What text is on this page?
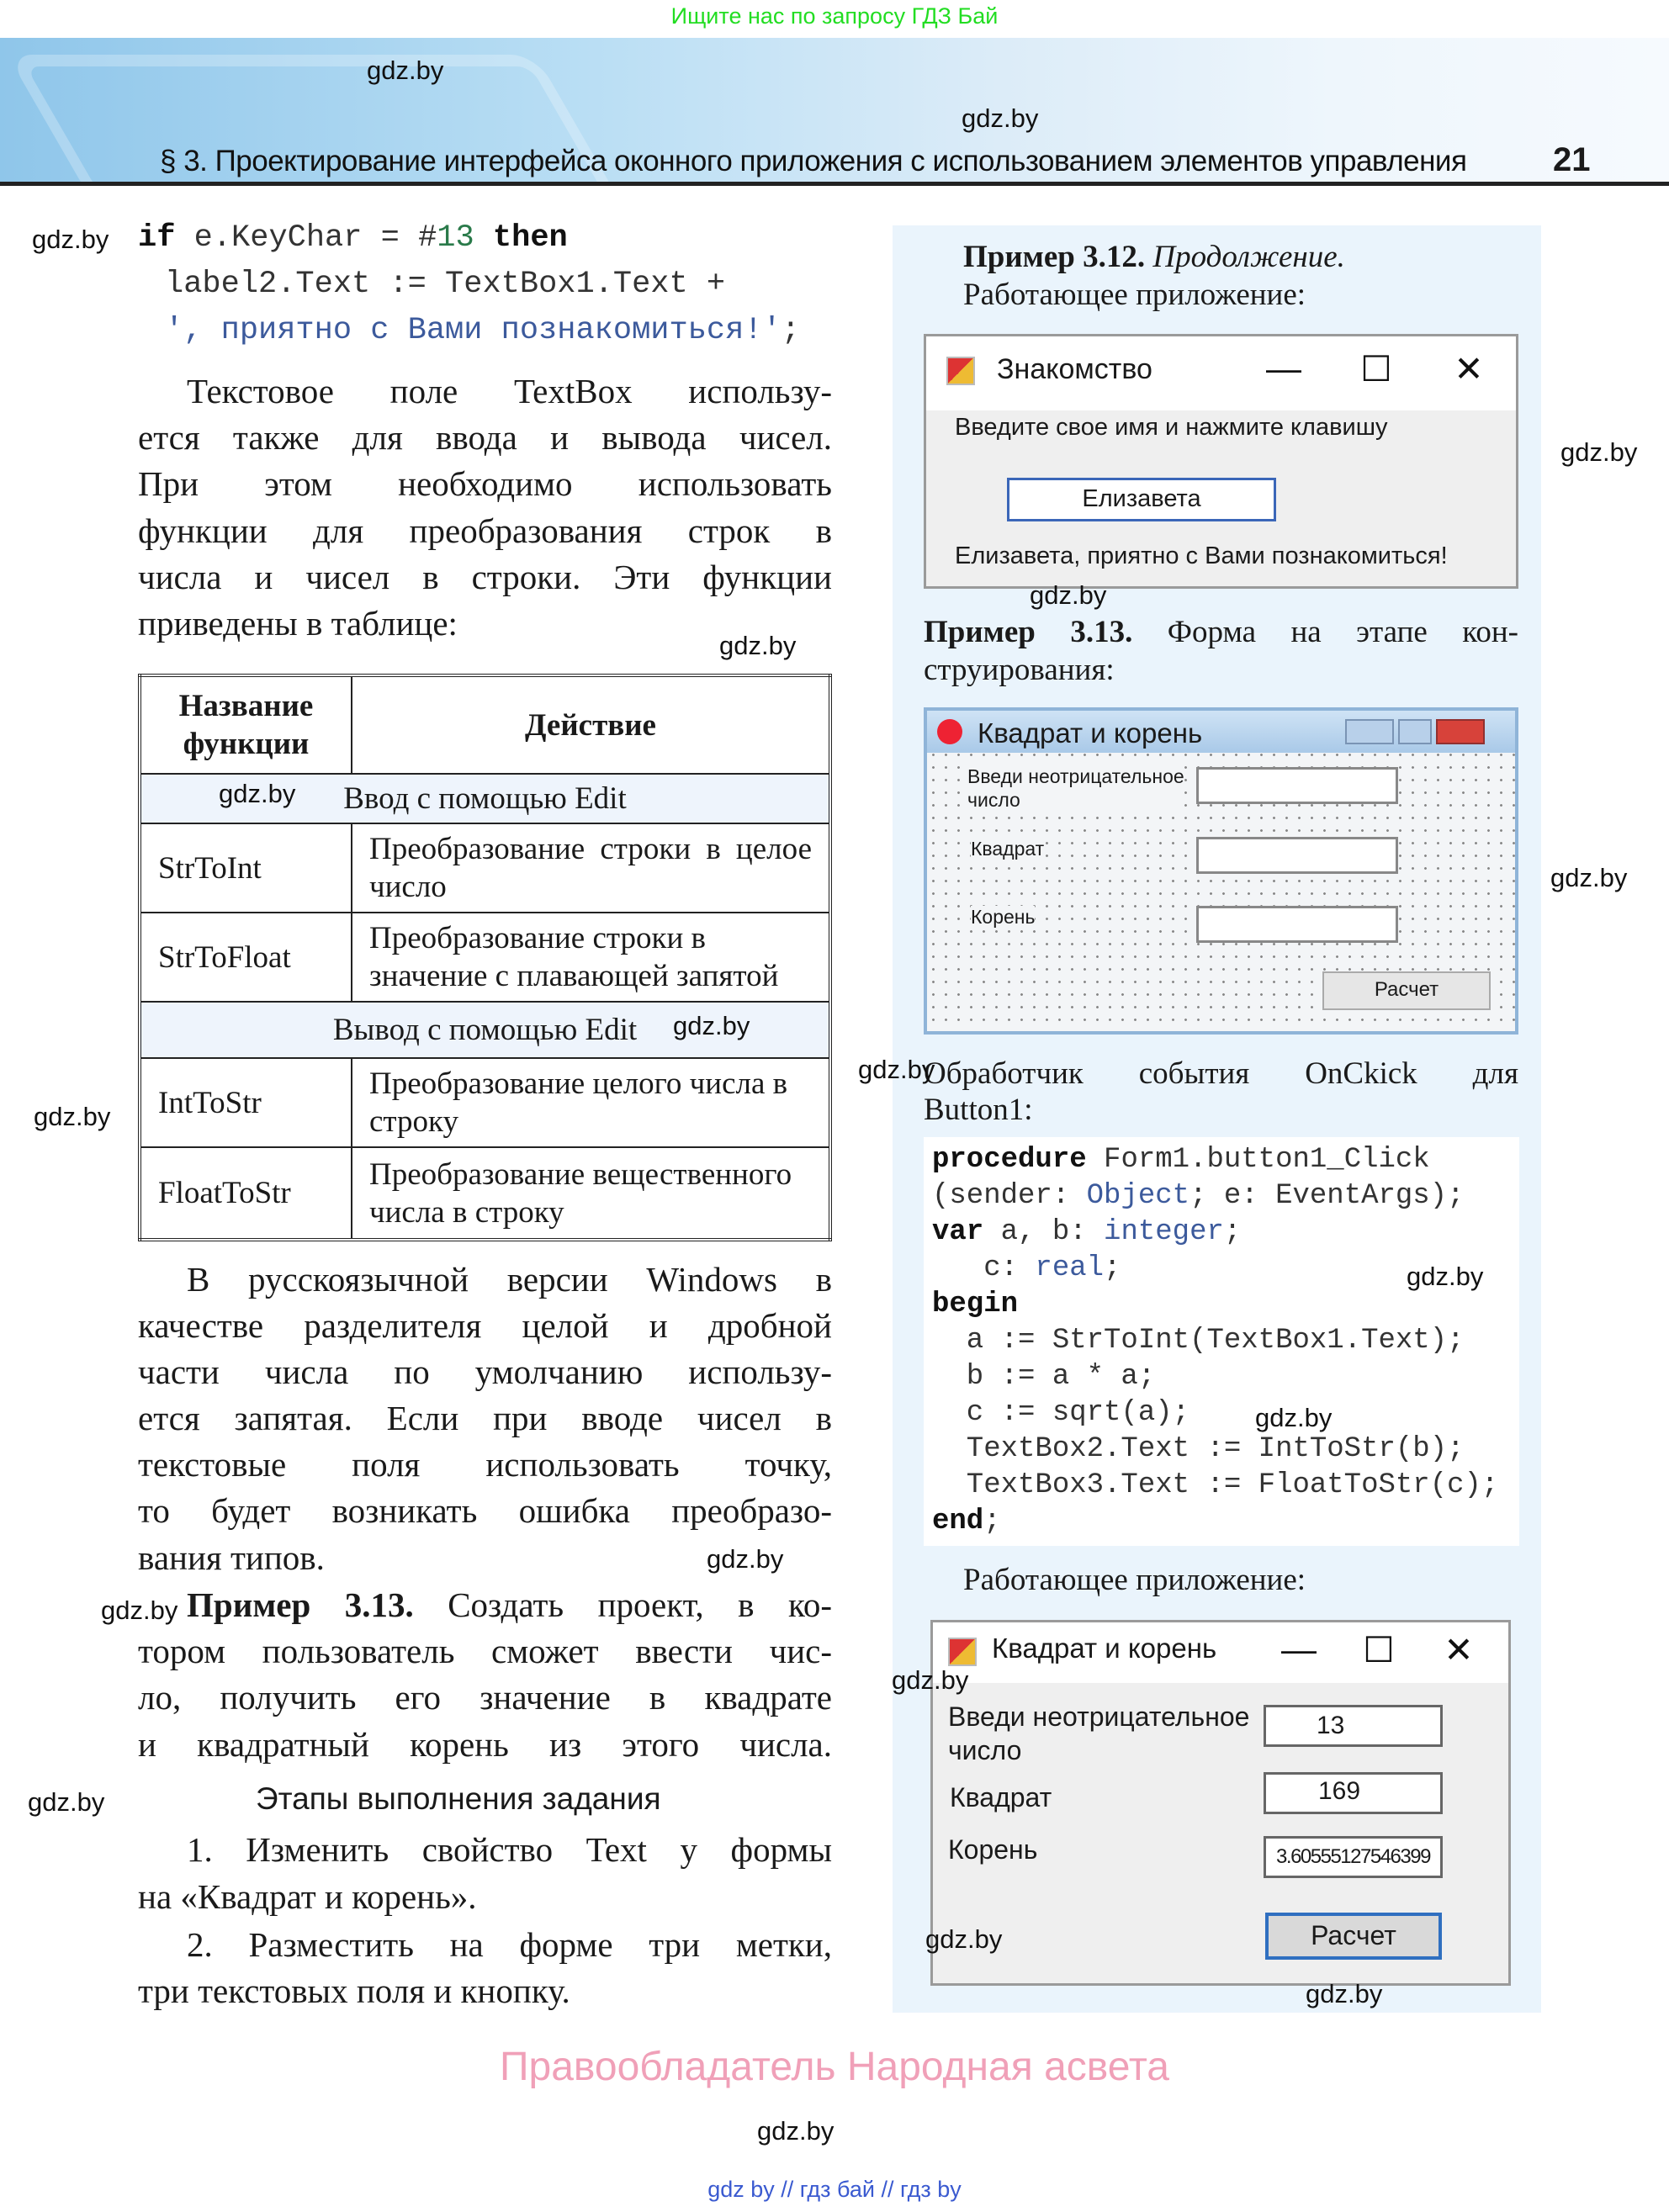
Ищите нас по запросу ГДЗ Бай
§ 3. Проектирование интерфейса оконного приложения с использованием элементов управления	21
if e.KeyChar = #13 then
label2.Text := TextBox1.Text +
', приятно с Вами познакомиться!';
Текстовое поле TextBox использу-
ется также для ввода и вывода чисел.
При этом необходимо использовать
функции для преобразования строк в
числа и чисел в строки. Эти функции
приведены в таблице:
Название функции	Действие
Ввод с помощью Edit	
StrToInt	Преобразование строки в целое число
StrToFloat	Преобразование строки в значение с плавающей запятой
Вывод с помощью Edit	
IntToStr	Преобразование целого числа в строку
FloatToStr	Преобразование вещественного числа в строку
В русскоязычной версии Windows в
качестве разделителя целой и дробной
части числа по умолчанию использу-
ется запятая. Если при вводе чисел в
текстовые поля использовать точку,
то будет возникать ошибка преобразо-
вания типов.
Пример 3.13. Создать проект, в ко-
тором пользователь сможет ввести чис-
ло, получить его значение в квадрате
и квадратный корень из этого числа.
Этапы выполнения задания
1. Изменить свойство Text у формы
на «Квадрат и корень».
2. Разместить на форме три метки,
три текстовых поля и кнопку.
Пример 3.12. Продолжение.
Работающее приложение:
Знакомство	— ☐ ✕
Введите свое имя и нажмите клавишу
Елизавета
Елизавета, приятно с Вами познакомиться!
Пример 3.13. Форма на этапе кон-
струирования:
Квадрат и корень
Введи неотрицательное
число
Квадрат
Корень
Расчет
Обработчик события OnCkick для
Button1:
procedure Form1.button1_Click
(sender: Object; e: EventArgs);
var a, b: integer;
c: real;
begin
a := StrToInt(TextBox1.Text);
b := a * a;
c := sqrt(a);
TextBox2.Text := IntToStr(b);
TextBox3.Text := FloatToStr(c);
end;
Работающее приложение:
Квадрат и корень — ☐ ✕
Введи неотрицательное
число
Квадрат
Корень
13
169
3.60555127546399
Расчет
gdz.by
gdz.by
gdz.by
gdz.by
gdz.by
gdz.by
gdz.by
gdz.by
gdz.by
gdz.by
gdz.by
gdz.by
gdz.by
gdz.by
gdz.by
gdz.by
gdz.by
gdz.by
gdz.by
gdz.by
Правообладатель Народная асвета
gdz by // гдз бай // гдз by
